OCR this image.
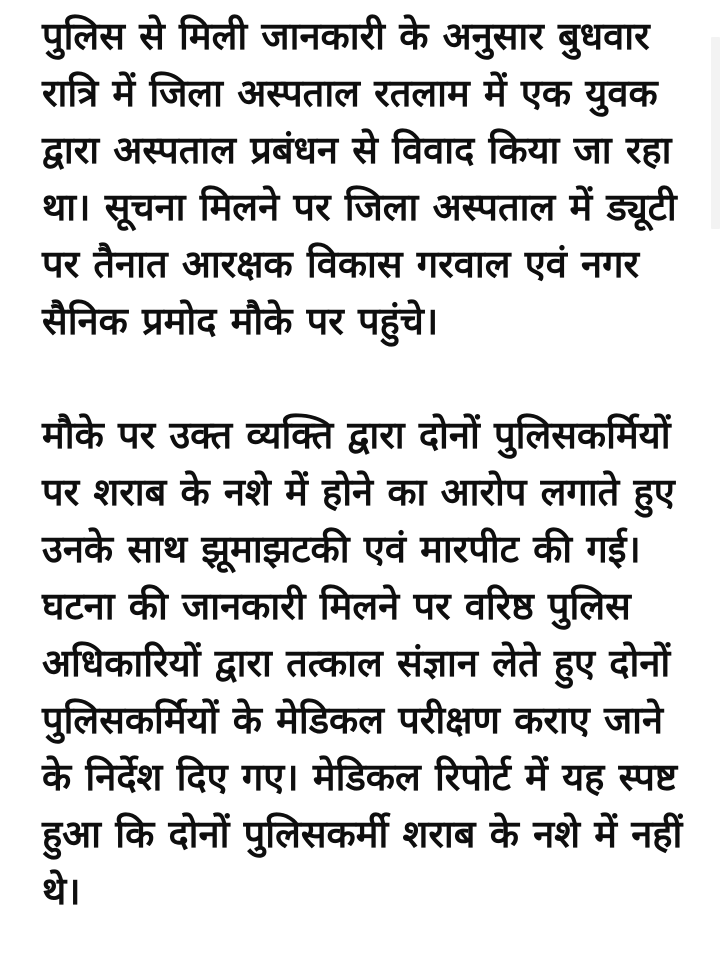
पुलिस से मिली जानकारी के अनुसार बुधवार रात्रि में जिला अस्पताल रतलाम में एक युवक द्वारा अस्पताल प्रबंधन से विवाद किया जा रहा था। सूचना मिलने पर जिला अस्पताल में ड्यूटी पर तैनात आरक्षक विकास गरवाल एवं नगर सैनिक प्रमोद मौके पर पहुंचे।

मौके पर उक्त व्यक्ति द्वारा दोनों पुलिसकर्मियों पर शराब के नशे में होने का आरोप लगाते हुए उनके साथ झूमाझटकी एवं मारपीट की गई।घटना की जानकारी मिलने पर वरिष्ठ पुलिस अधिकारियों द्वारा तत्काल संज्ञान लेते हुए दोनों पुलिसकर्मियों के मेडिकल परीक्षण कराए जाने के निर्देश दिए गए। मेडिकल रिपोर्ट में यह स्पष्ट हुआ कि दोनों पुलिसकर्मी शराब के नशे में नहीं थे।
